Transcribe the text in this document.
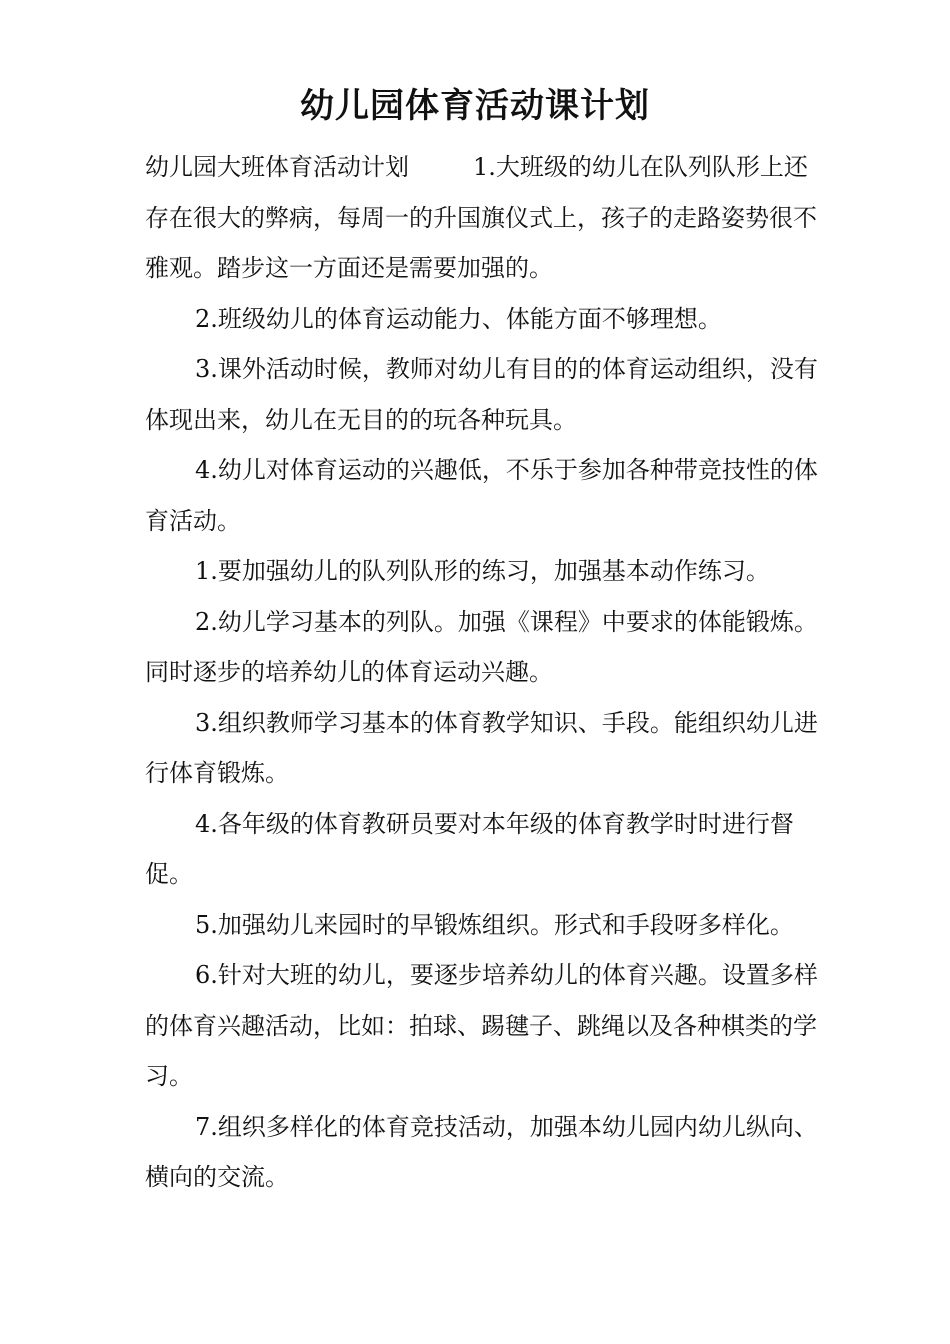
幼儿园体育活动课计划

幼儿园大班体育活动计划	1.大班级的幼儿在队列队形上还存在很大的弊病，每周一的升国旗仪式上，孩子的走路姿势很不雅观。踏步这一方面还是需要加强的。

2.班级幼儿的体育运动能力、体能方面不够理想。

3.课外活动时候，教师对幼儿有目的的体育运动组织，没有体现出来，幼儿在无目的的玩各种玩具。

4.幼儿对体育运动的兴趣低，不乐于参加各种带竞技性的体育活动。

1.要加强幼儿的队列队形的练习，加强基本动作练习。

2.幼儿学习基本的列队。加强《课程》中要求的体能锻炼。同时逐步的培养幼儿的体育运动兴趣。

3.组织教师学习基本的体育教学知识、手段。能组织幼儿进行体育锻炼。

4.各年级的体育教研员要对本年级的体育教学时时进行督促。

5.加强幼儿来园时的早锻炼组织。形式和手段呀多样化。

6.针对大班的幼儿，要逐步培养幼儿的体育兴趣。设置多样的体育兴趣活动，比如：拍球、踢毽子、跳绳以及各种棋类的学习。

7.组织多样化的体育竞技活动，加强本幼儿园内幼儿纵向、横向的交流。
